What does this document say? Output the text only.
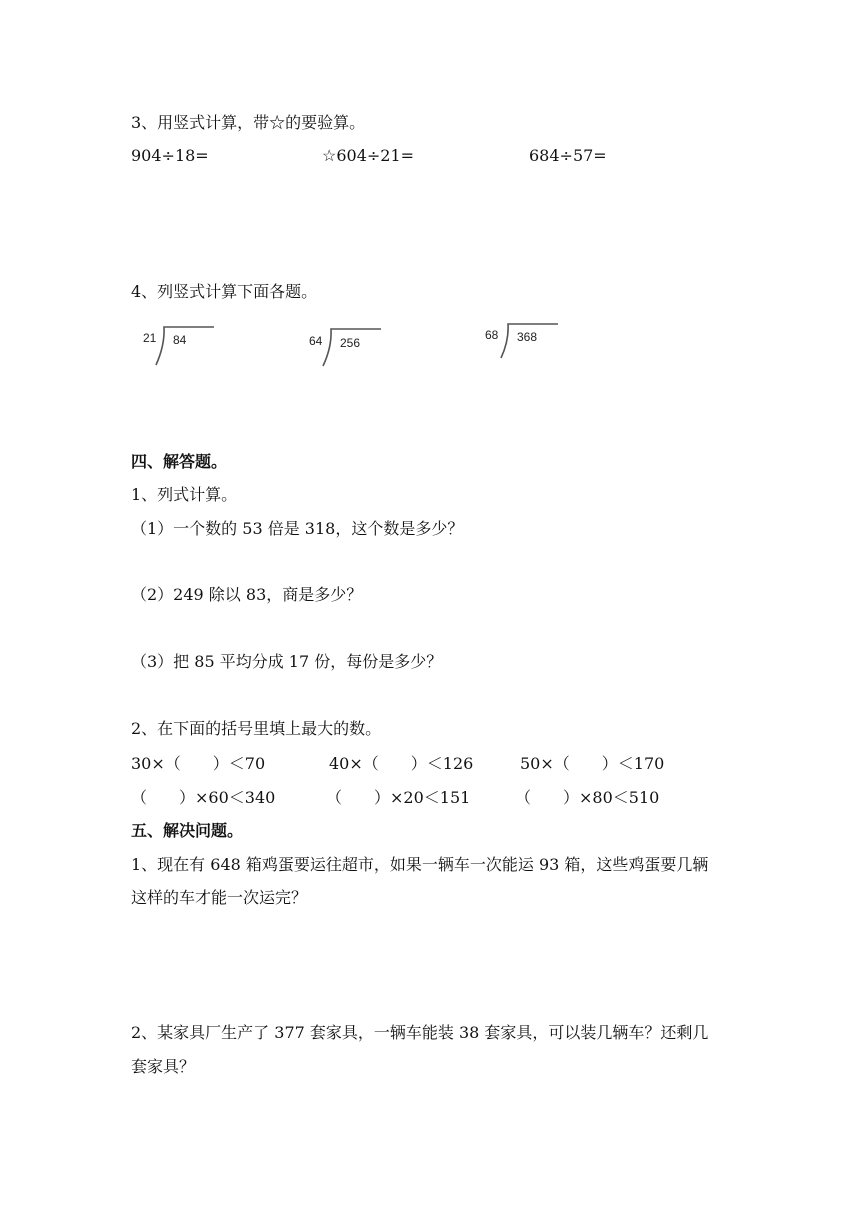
3、用竖式计算，带☆的要验算。
904÷18=	☆604÷21=	684÷57=
4、列竖式计算下面各题。
21 84	64 256
68 368
四、解答题。
1、列式计算。
（1）一个数的 53 倍是 318，这个数是多少？
（2）249 除以 83，商是多少？
（3）把 85 平均分成 17 份，每份是多少？
2、在下面的括号里填上最大的数。
30×（　　）＜70	40×（　　）＜126	50×（　　）＜170
（　　）×60＜340	（　　）×20＜151	（　　）×80＜510
五、解决问题。
1、现在有 648 箱鸡蛋要运往超市，如果一辆车一次能运 93 箱，这些鸡蛋要几辆
这样的车才能一次运完？
2、某家具厂生产了 377 套家具，一辆车能装 38 套家具，可以装几辆车？还剩几
套家具？
